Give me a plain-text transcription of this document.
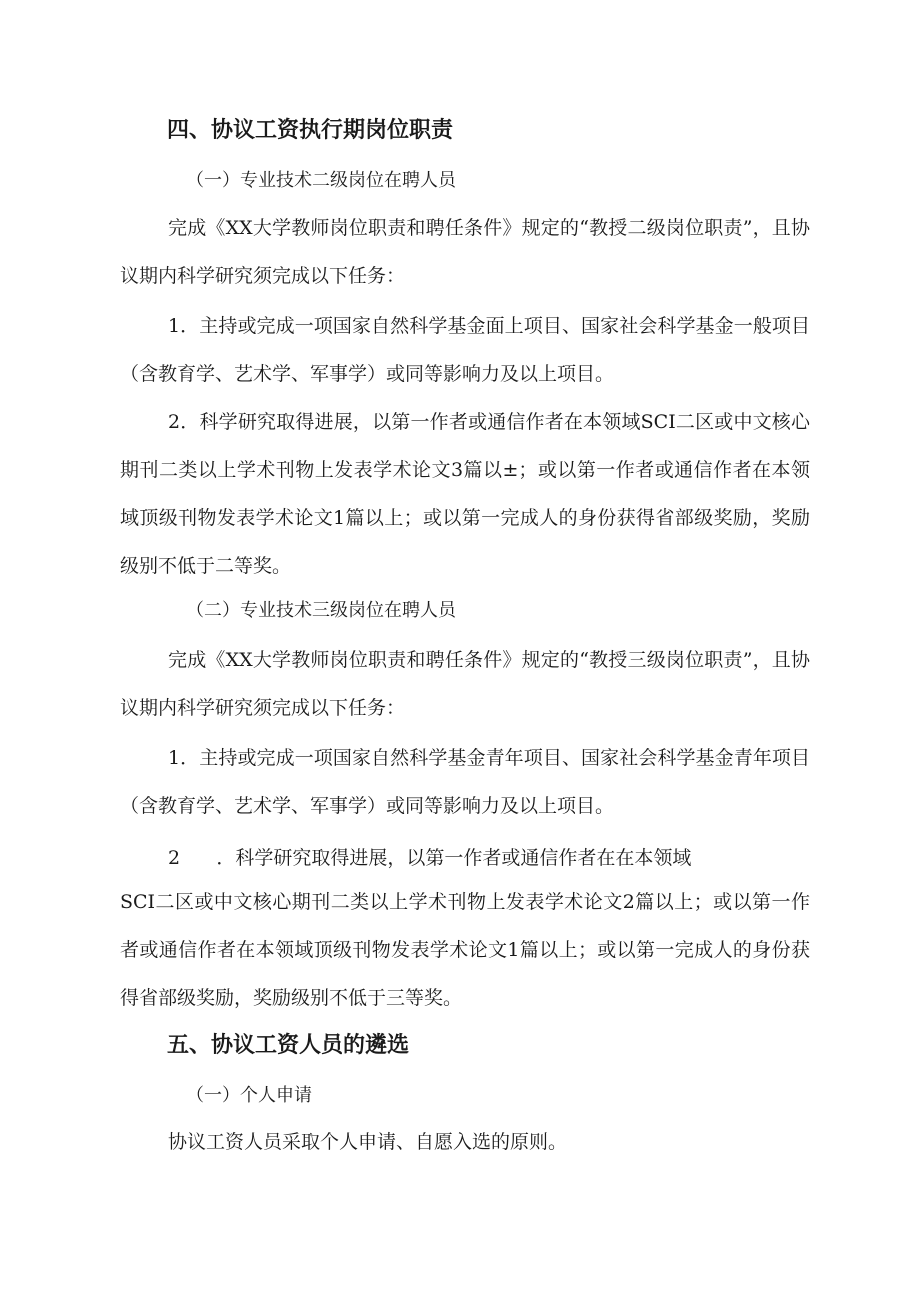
四、协议工资执行期岗位职责
（一）专业技术二级岗位在聘人员
完成《XX大学教师岗位职责和聘任条件》规定的“教授二级岗位职责”，且协议期内科学研究须完成以下任务：
1．主持或完成一项国家自然科学基金面上项目、国家社会科学基金一般项目（含教育学、艺术学、军事学）或同等影响力及以上项目。
2．科学研究取得进展，以第一作者或通信作者在本领域SCI二区或中文核心期刊二类以上学术刊物上发表学术论文3篇以±；或以第一作者或通信作者在本领域顶级刊物发表学术论文1篇以上；或以第一完成人的身份获得省部级奖励，奖励级别不低于二等奖。
（二）专业技术三级岗位在聘人员
完成《XX大学教师岗位职责和聘任条件》规定的“教授三级岗位职责”，且协议期内科学研究须完成以下任务：
1．主持或完成一项国家自然科学基金青年项目、国家社会科学基金青年项目（含教育学、艺术学、军事学）或同等影响力及以上项目。
2      ．科学研究取得进展，以第一作者或通信作者在在本领域
SCI二区或中文核心期刊二类以上学术刊物上发表学术论文2篇以上；或以第一作者或通信作者在本领域顶级刊物发表学术论文1篇以上；或以第一完成人的身份获得省部级奖励，奖励级别不低于三等奖。
五、协议工资人员的遴选
（一）个人申请
协议工资人员采取个人申请、自愿入选的原则。
